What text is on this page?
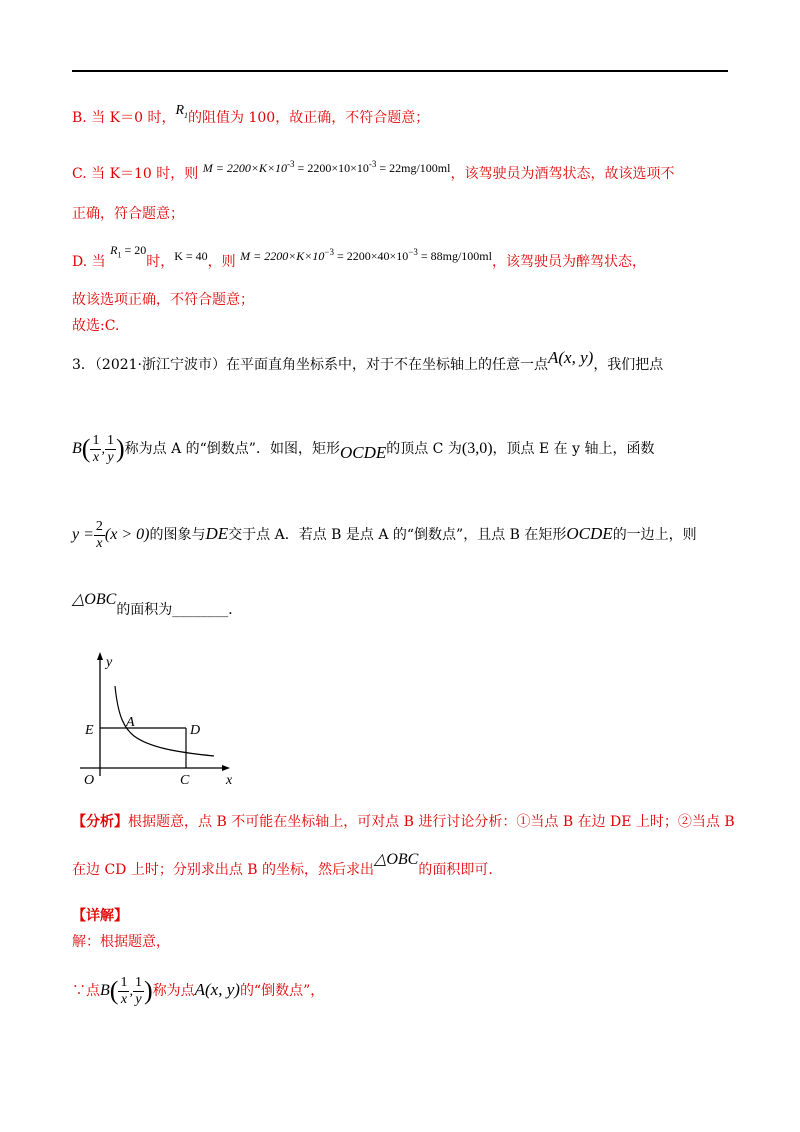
B. 当 K＝0 时，$R_1$的阻值为 100，故正确，不符合题意；
C. 当 K＝10 时，则 $M = 2200\times K\times 10^{-3} = 2200\times 10\times 10^{-3} = 22mg/100ml$，该驾驶员为酒驾状态，故该选项不
正确，符合题意；
D. 当 $R_1 = 20$时，K = 40，则 $M = 2200\times K\times 10^{-3} = 2200\times 40\times 10^{-3} = 88mg/100ml$，该驾驶员为醉驾状态，
故该选项正确，不符合题意；
故选:C.
3．（2021·浙江宁波市）在平面直角坐标系中，对于不在坐标轴上的任意一点A(x, y)，我们把点
$B( \frac{1}{x}$ , $\frac{1}{y}$ )称为点 A 的“倒数点”．如图，矩形OCDE的顶点 C 为(3,0)，顶点 E 在 y 轴上，函数
$y = \frac{2}{x} (x > 0)$的图象与DE交于点 A．若点 B 是点 A 的“倒数点”，且点 B 在矩形OCDE的一边上，则
△OBC的面积为________．
y
x
E
A
D
O	C
【分析】根据题意，点 B 不可能在坐标轴上，可对点 B 进行讨论分析：①当点 B 在边 DE 上时；②当点 B
在边 CD 上时；分别求出点 B 的坐标，然后求出△OBC的面积即可.
【详解】
解：根据题意，
∵点$B( \frac{1}{x}$ , $\frac{1}{y}$ )称为点A(x, y)的“倒数点”，
